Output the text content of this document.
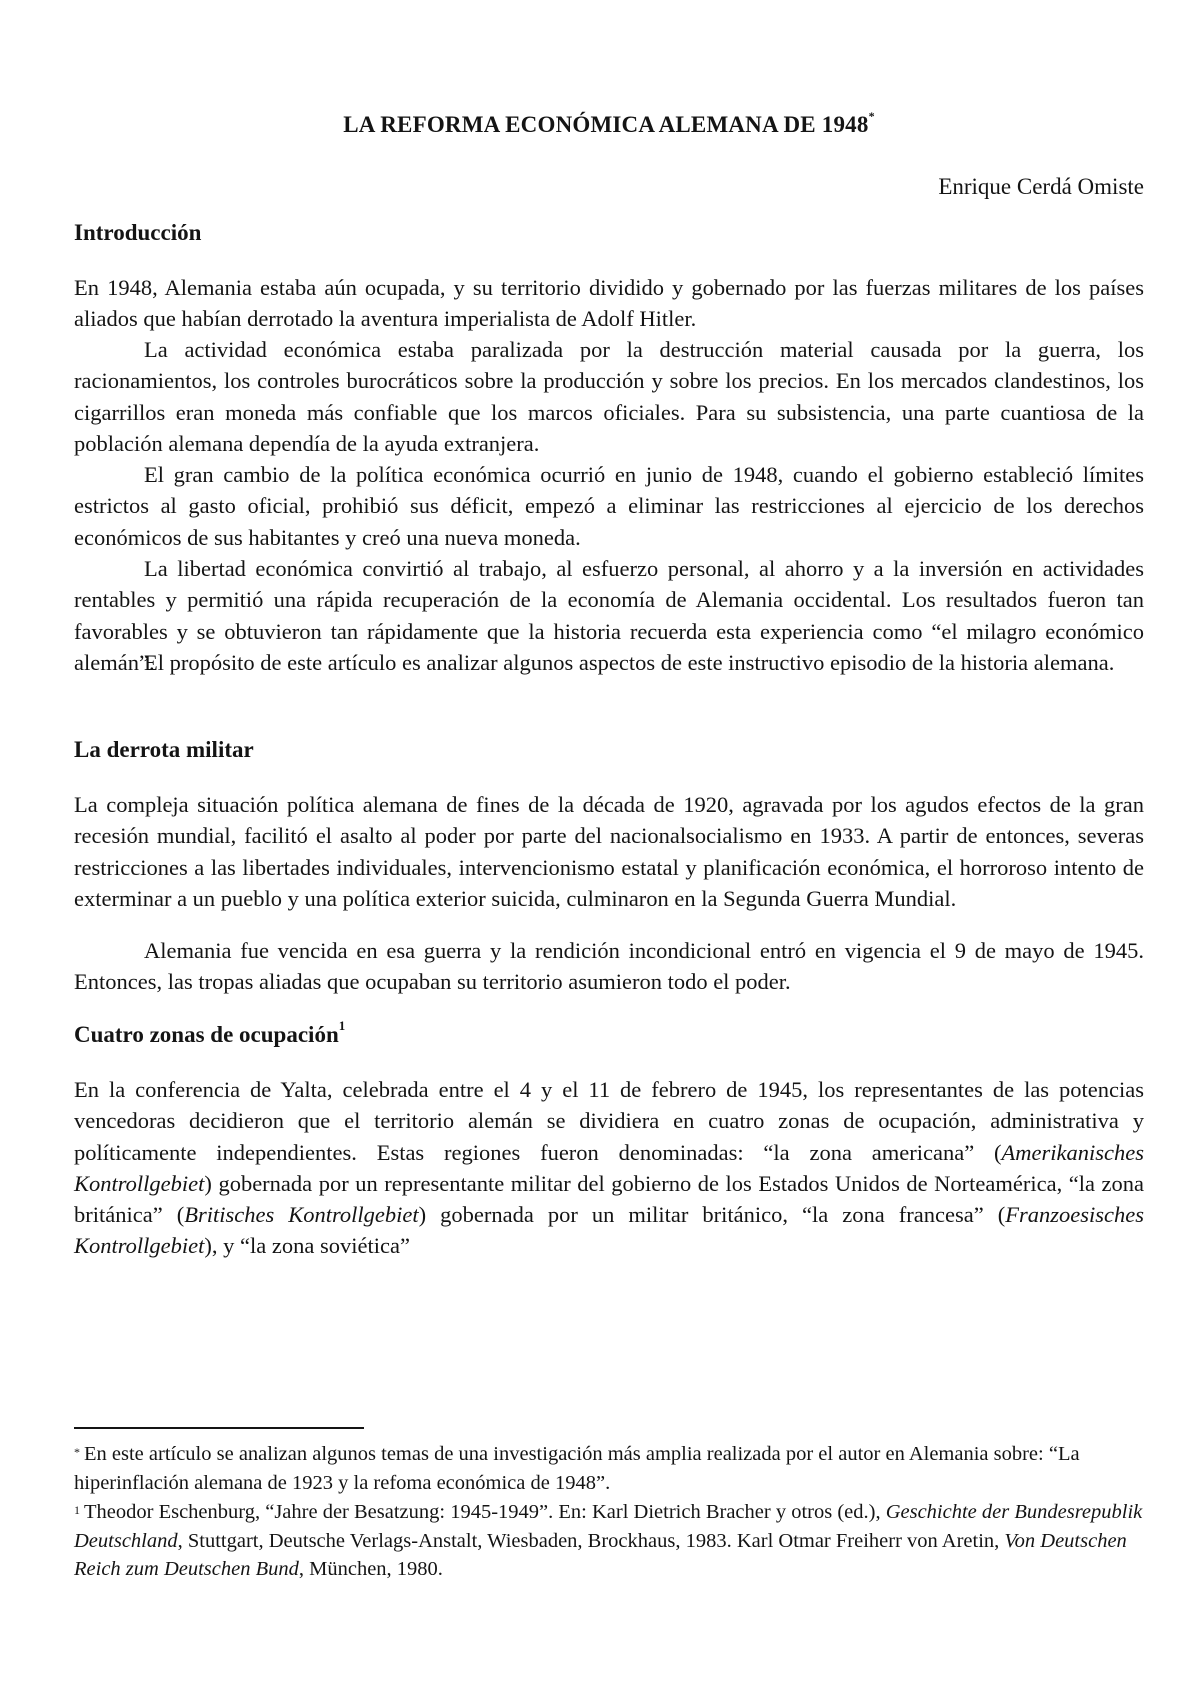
LA REFORMA ECONÓMICA ALEMANA DE 1948*
Enrique Cerdá Omiste
Introducción

En 1948, Alemania estaba aún ocupada, y su territorio dividido y gobernado por las fuerzas militares de los países aliados que habían derrotado la aventura imperialista de Adolf Hitler.

La actividad económica estaba paralizada por la destrucción material causada por la guerra, los racionamientos, los controles burocráticos sobre la producción y sobre los precios. En los mercados clandestinos, los cigarrillos eran moneda más confiable que los marcos oficiales. Para su subsistencia, una parte cuantiosa de la población alemana dependía de la ayuda extranjera.

El gran cambio de la política económica ocurrió en junio de 1948, cuando el gobierno estableció límites estrictos al gasto oficial, prohibió sus déficit, empezó a eliminar las restricciones al ejercicio de los derechos económicos de sus habitantes y creó una nueva moneda.

La libertad económica convirtió al trabajo, al esfuerzo personal, al ahorro y a la inversión en actividades rentables y permitió una rápida recuperación de la economía de Alemania occidental. Los resultados fueron tan favorables y se obtuvieron tan rápidamente que la historia recuerda esta experiencia como “el milagro económico alemán”.

El propósito de este artículo es analizar algunos aspectos de este instructivo episodio de la historia alemana.

La derrota militar

La compleja situación política alemana de fines de la década de 1920, agravada por los agudos efectos de la gran recesión mundial, facilitó el asalto al poder por parte del nacionalsocialismo en 1933. A partir de entonces, severas restricciones a las libertades individuales, intervencionismo estatal y planificación económica, el horroroso intento de exterminar a un pueblo y una política exterior suicida, culminaron en la Segunda Guerra Mundial.

Alemania fue vencida en esa guerra y la rendición incondicional entró en vigencia el 9 de mayo de 1945. Entonces, las tropas aliadas que ocupaban su territorio asumieron todo el poder.

Cuatro zonas de ocupación$^1$

En la conferencia de Yalta, celebrada entre el 4 y el 11 de febrero de 1945, los representantes de las potencias vencedoras decidieron que el territorio alemán se dividiera en cuatro zonas de ocupación, administrativa y políticamente independientes. Estas regiones fueron denominadas: “la zona americana” (Amerikanisches Kontrollgebiet) gobernada por un representante militar del gobierno de los Estados Unidos de Norteamérica, “la zona británica” (Britisches Kontrollgebiet) gobernada por un militar británico, “la zona francesa” (Franzoesisches Kontrollgebiet), y “la zona soviética”

* En este artículo se analizan algunos temas de una investigación más amplia realizada por el autor en Alemania sobre: “La hiperinflación alemana de 1923 y la refoma económica de 1948”.

$^1$ Theodor Eschenburg, “Jahre der Besatzung: 1945-1949”. En: Karl Dietrich Bracher y otros (ed.), Geschichte der Bundesrepublik Deutschland, Stuttgart, Deutsche Verlags-Anstalt, Wiesbaden, Brockhaus, 1983. Karl Otmar Freiherr von Aretin, Von Deutschen Reich zum Deutschen Bund, München, 1980.
